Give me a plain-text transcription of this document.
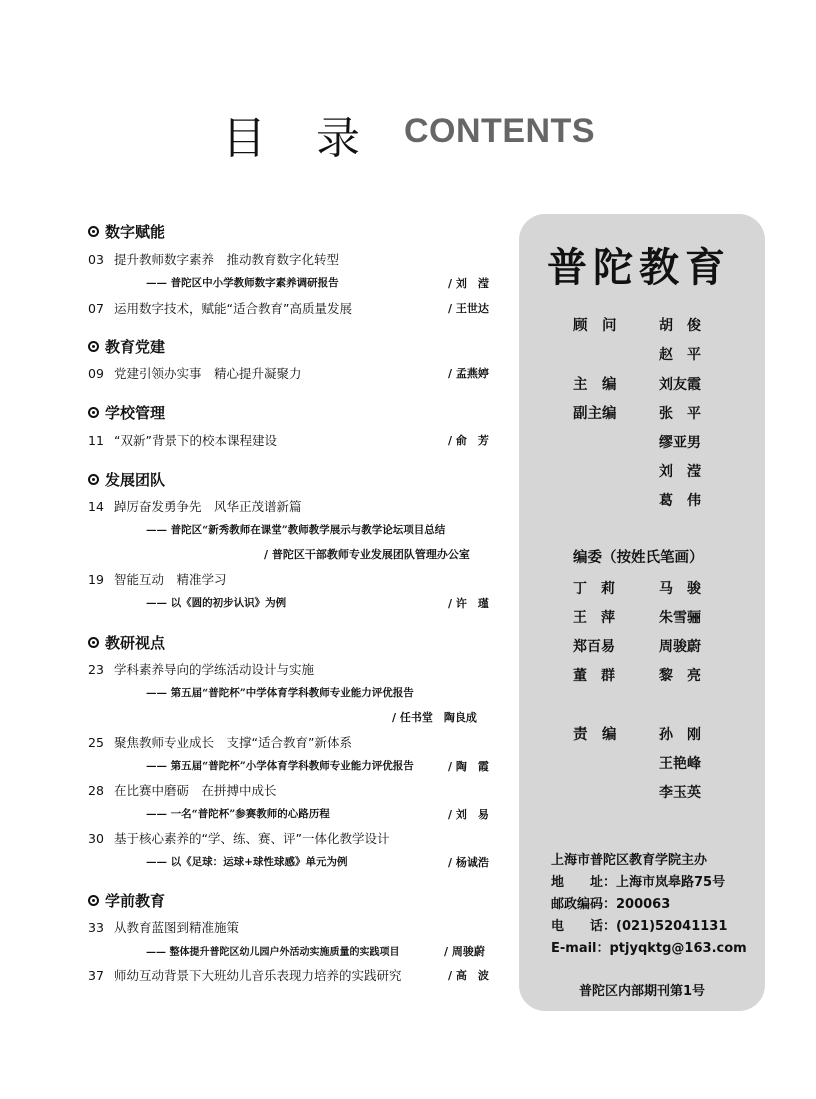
目 录 CONTENTS
数字赋能
03 提升教师数字素养　推动教育数字化转型
—— 普陀区中小学教师数字素养调研报告	/ 刘　滢
07 运用数字技术，赋能“适合教育”高质量发展	/ 王世达
教育党建
09 党建引领办实事　精心提升凝聚力	/ 孟燕婷
学校管理
11 “双新”背景下的校本课程建设	/ 俞　芳
发展团队
14 踔厉奋发勇争先　风华正茂谱新篇
—— 普陀区“新秀教师在课堂”教师教学展示与教学论坛项目总结
/ 普陀区干部教师专业发展团队管理办公室
19 智能互动　精准学习
—— 以《圆的初步认识》为例	/ 许　瑾
教研视点
23 学科素养导向的学练活动设计与实施
—— 第五届“普陀杯”中学体育学科教师专业能力评优报告
/ 任书堂　陶良成
25 聚焦教师专业成长　支撑“适合教育”新体系
—— 第五届“普陀杯”小学体育学科教师专业能力评优报告	/ 陶　霞
28 在比赛中磨砺　在拼搏中成长
—— 一名“普陀杯”参赛教师的心路历程	/ 刘　易
30 基于核心素养的“学、练、赛、评”一体化教学设计
—— 以《足球：运球+球性球感》单元为例	/ 杨诚浩
学前教育
33 从教育蓝图到精准施策
—— 整体提升普陀区幼儿园户外活动实施质量的实践项目	/ 周骏蔚
37 师幼互动背景下大班幼儿音乐表现力培养的实践研究	/ 高　波
普陀教育
顾　问	胡　俊
赵　平
主　编	刘友霞
副主编	张　平
缪亚男
刘　滢
葛　伟
编委（按姓氏笔画）
丁　莉	马　骏
王　萍	朱雪骊
郑百易	周骏蔚
董　群	黎　亮
责　编	孙　刚
王艳峰
李玉英
上海市普陀区教育学院主办
地　　址：上海市岚皋路75号
邮政编码：200063
电　　话：(021)52041131
E-mail：ptjyqktg@163.com
普陀区内部期刊第1号
